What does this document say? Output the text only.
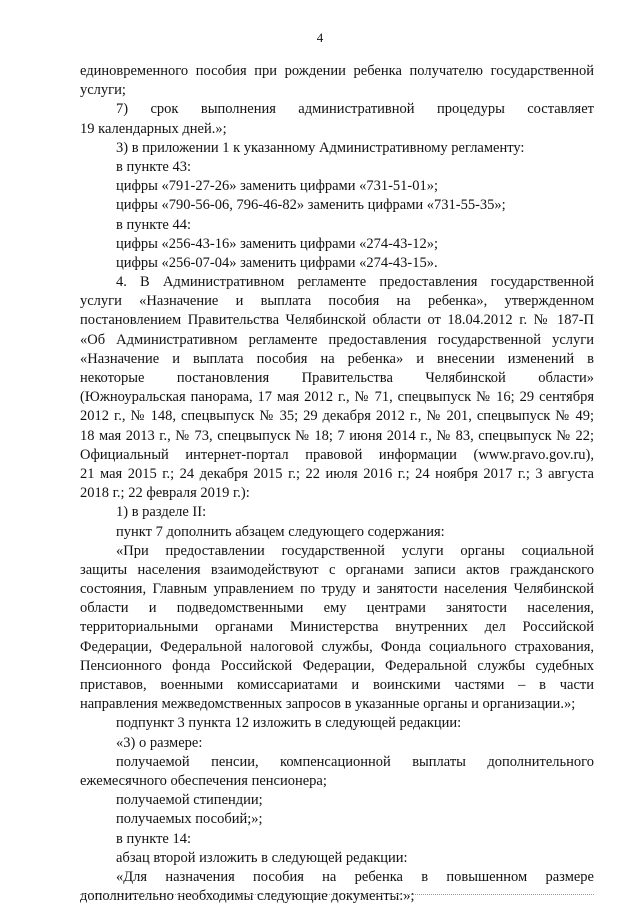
4
единовременного пособия при рождении ребенка получателю государственной
услуги;
7) срок выполнения административной процедуры составляет
19 календарных дней.»;
3) в приложении 1 к указанному Административному регламенту:
в пункте 43:
цифры «791-27-26» заменить цифрами «731-51-01»;
цифры «790-56-06, 796-46-82» заменить цифрами «731-55-35»;
в пункте 44:
цифры «256-43-16» заменить цифрами «274-43-12»;
цифры «256-07-04» заменить цифрами «274-43-15».
4. В Административном регламенте предоставления государственной
услуги «Назначение и выплата пособия на ребенка», утвержденном
постановлением Правительства Челябинской области от 18.04.2012 г. № 187-П
«Об Административном регламенте предоставления государственной услуги
«Назначение и выплата пособия на ребенка» и внесении изменений в
некоторые постановления Правительства Челябинской области»
(Южноуральская панорама, 17 мая 2012 г., № 71, спецвыпуск № 16; 29 сентября
2012 г., № 148, спецвыпуск № 35; 29 декабря 2012 г., № 201, спецвыпуск № 49;
18 мая 2013 г., № 73, спецвыпуск № 18; 7 июня 2014 г., № 83, спецвыпуск № 22;
Официальный интернет-портал правовой информации (www.pravo.gov.ru),
21 мая 2015 г.; 24 декабря 2015 г.; 22 июля 2016 г.; 24 ноября 2017 г.; 3 августа
2018 г.; 22 февраля 2019 г.):
1) в разделе II:
пункт 7 дополнить абзацем следующего содержания:
«При предоставлении государственной услуги органы социальной
защиты населения взаимодействуют с органами записи актов гражданского
состояния, Главным управлением по труду и занятости населения Челябинской
области и подведомственными ему центрами занятости населения,
территориальными органами Министерства внутренних дел Российской
Федерации, Федеральной налоговой службы, Фонда социального страхования,
Пенсионного фонда Российской Федерации, Федеральной службы судебных
приставов, военными комиссариатами и воинскими частями – в части
направления межведомственных запросов в указанные органы и организации.»;
подпункт 3 пункта 12 изложить в следующей редакции:
«3) о размере:
получаемой пенсии, компенсационной выплаты дополнительного
ежемесячного обеспечения пенсионера;
получаемой стипендии;
получаемых пособий;»;
в пункте 14:
абзац второй изложить в следующей редакции:
«Для назначения пособия на ребенка в повышенном размере
дополнительно необходимы следующие документы:»;
